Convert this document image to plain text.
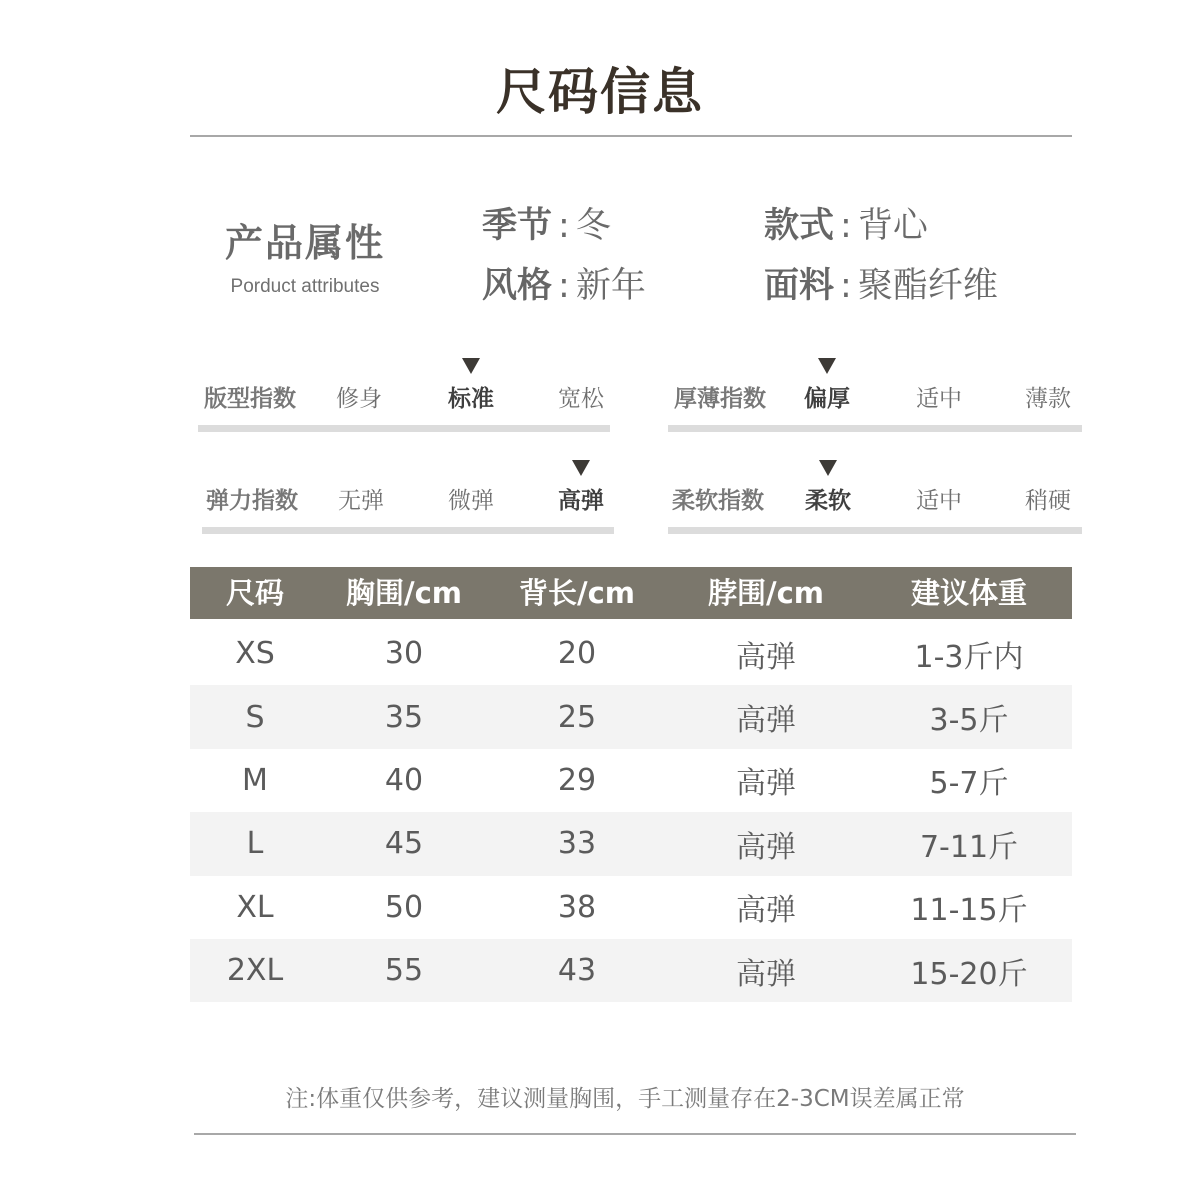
尺码信息
产品属性
Porduct attributes
季节 : 冬	款式 : 背心
风格 : 新年	面料 : 聚酯纤维
版型指数 修身	标准	宽松	厚薄指数 偏厚	适中	薄款
弹力指数 无弹	微弹	高弹	柔软指数 柔软	适中	稍硬
尺码	胸围/cm	背长/cm	脖围/cm	建议体重
XS	30	20	高弹	1-3斤内
S	35	25	高弹	3-5斤
M	40	29	高弹	5-7斤
L	45	33	高弹	7-11斤
XL	50	38	高弹	11-15斤
2XL	55	43	高弹	15-20斤
注:体重仅供参考，建议测量胸围，手工测量存在2-3CM误差属正常
